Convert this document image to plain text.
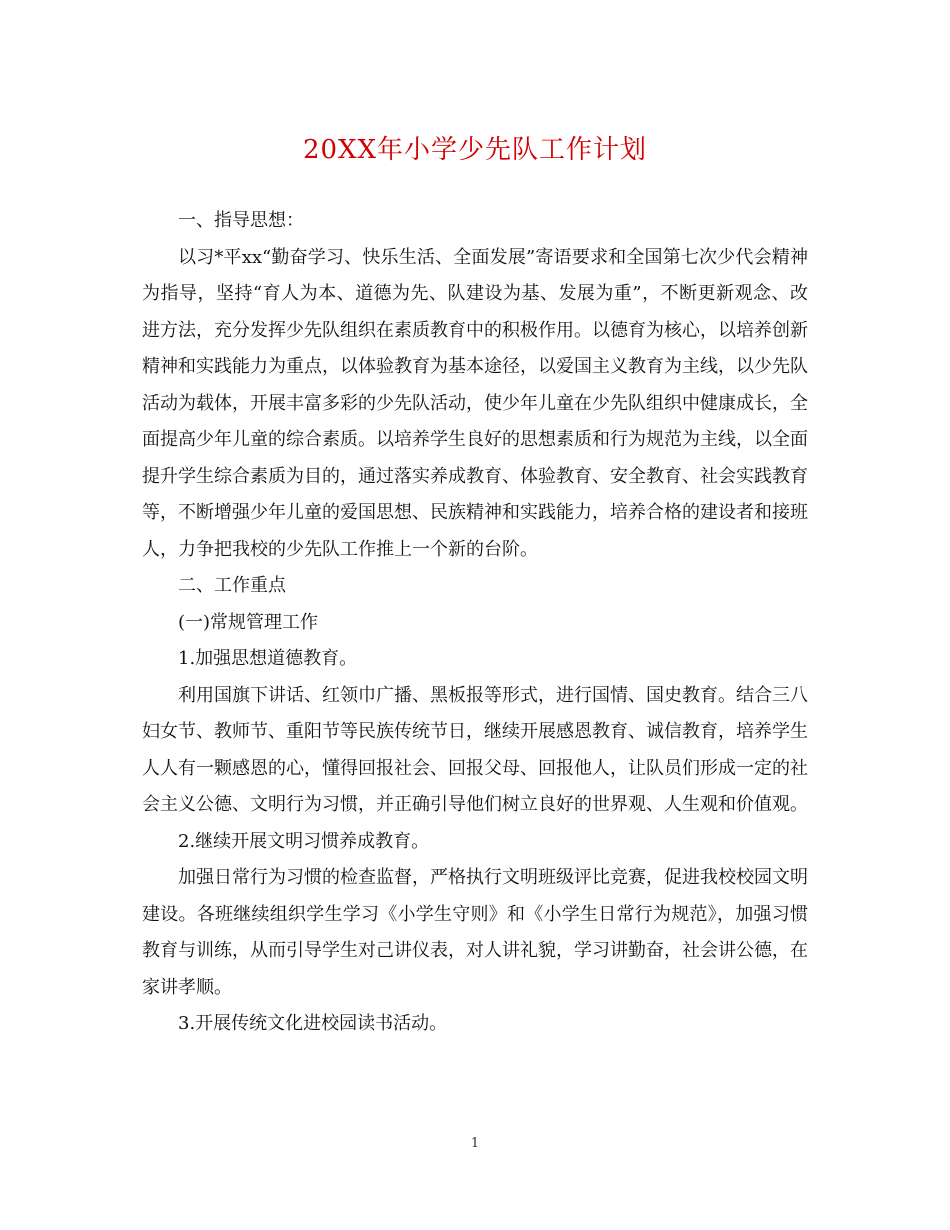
20XX年小学少先队工作计划

一、指导思想：

以习*平xx“勤奋学习、快乐生活、全面发展”寄语要求和全国第七次少代会精神为指导，坚持“育人为本、道德为先、队建设为基、发展为重”，不断更新观念、改进方法，充分发挥少先队组织在素质教育中的积极作用。以德育为核心，以培养创新精神和实践能力为重点，以体验教育为基本途径，以爱国主义教育为主线，以少先队活动为载体，开展丰富多彩的少先队活动，使少年儿童在少先队组织中健康成长，全面提高少年儿童的综合素质。以培养学生良好的思想素质和行为规范为主线，以全面提升学生综合素质为目的，通过落实养成教育、体验教育、安全教育、社会实践教育等，不断增强少年儿童的爱国思想、民族精神和实践能力，培养合格的建设者和接班人，力争把我校的少先队工作推上一个新的台阶。

二、工作重点

(一)常规管理工作

1.加强思想道德教育。

利用国旗下讲话、红领巾广播、黑板报等形式，进行国情、国史教育。结合三八妇女节、教师节、重阳节等民族传统节日，继续开展感恩教育、诚信教育，培养学生人人有一颗感恩的心，懂得回报社会、回报父母、回报他人，让队员们形成一定的社会主义公德、文明行为习惯，并正确引导他们树立良好的世界观、人生观和价值观。

2.继续开展文明习惯养成教育。

加强日常行为习惯的检查监督，严格执行文明班级评比竞赛，促进我校校园文明建设。各班继续组织学生学习《小学生守则》和《小学生日常行为规范》，加强习惯教育与训练，从而引导学生对己讲仪表，对人讲礼貌，学习讲勤奋，社会讲公德，在家讲孝顺。

3.开展传统文化进校园读书活动。

1
